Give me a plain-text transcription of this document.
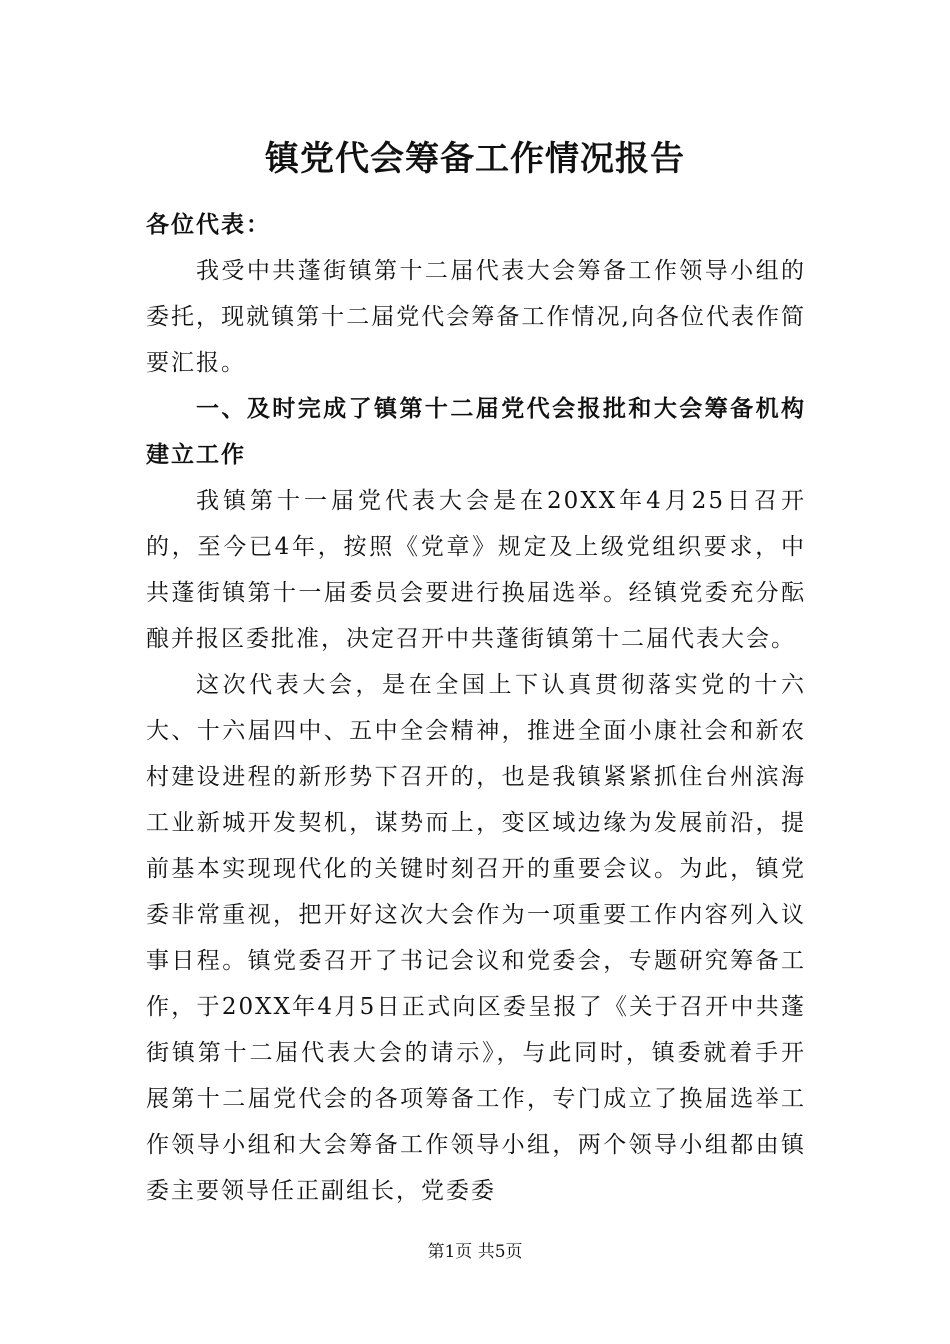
镇党代会筹备工作情况报告

各位代表：

我受中共蓬街镇第十二届代表大会筹备工作领导小组的委托，现就镇第十二届党代会筹备工作情况,向各位代表作简要汇报。

一、及时完成了镇第十二届党代会报批和大会筹备机构建立工作

我镇第十一届党代表大会是在20XX年4月25日召开的，至今已4年，按照《党章》规定及上级党组织要求，中共蓬街镇第十一届委员会要进行换届选举。经镇党委充分酝酿并报区委批准，决定召开中共蓬街镇第十二届代表大会。

这次代表大会，是在全国上下认真贯彻落实党的十六大、十六届四中、五中全会精神，推进全面小康社会和新农村建设进程的新形势下召开的，也是我镇紧紧抓住台州滨海工业新城开发契机，谋势而上，变区域边缘为发展前沿，提前基本实现现代化的关键时刻召开的重要会议。为此，镇党委非常重视，把开好这次大会作为一项重要工作内容列入议事日程。镇党委召开了书记会议和党委会，专题研究筹备工作，于20XX年4月5日正式向区委呈报了《关于召开中共蓬街镇第十二届代表大会的请示》，与此同时，镇委就着手开展第十二届党代会的各项筹备工作，专门成立了换届选举工作领导小组和大会筹备工作领导小组，两个领导小组都由镇委主要领导任正副组长，党委委

第1页 共5页
